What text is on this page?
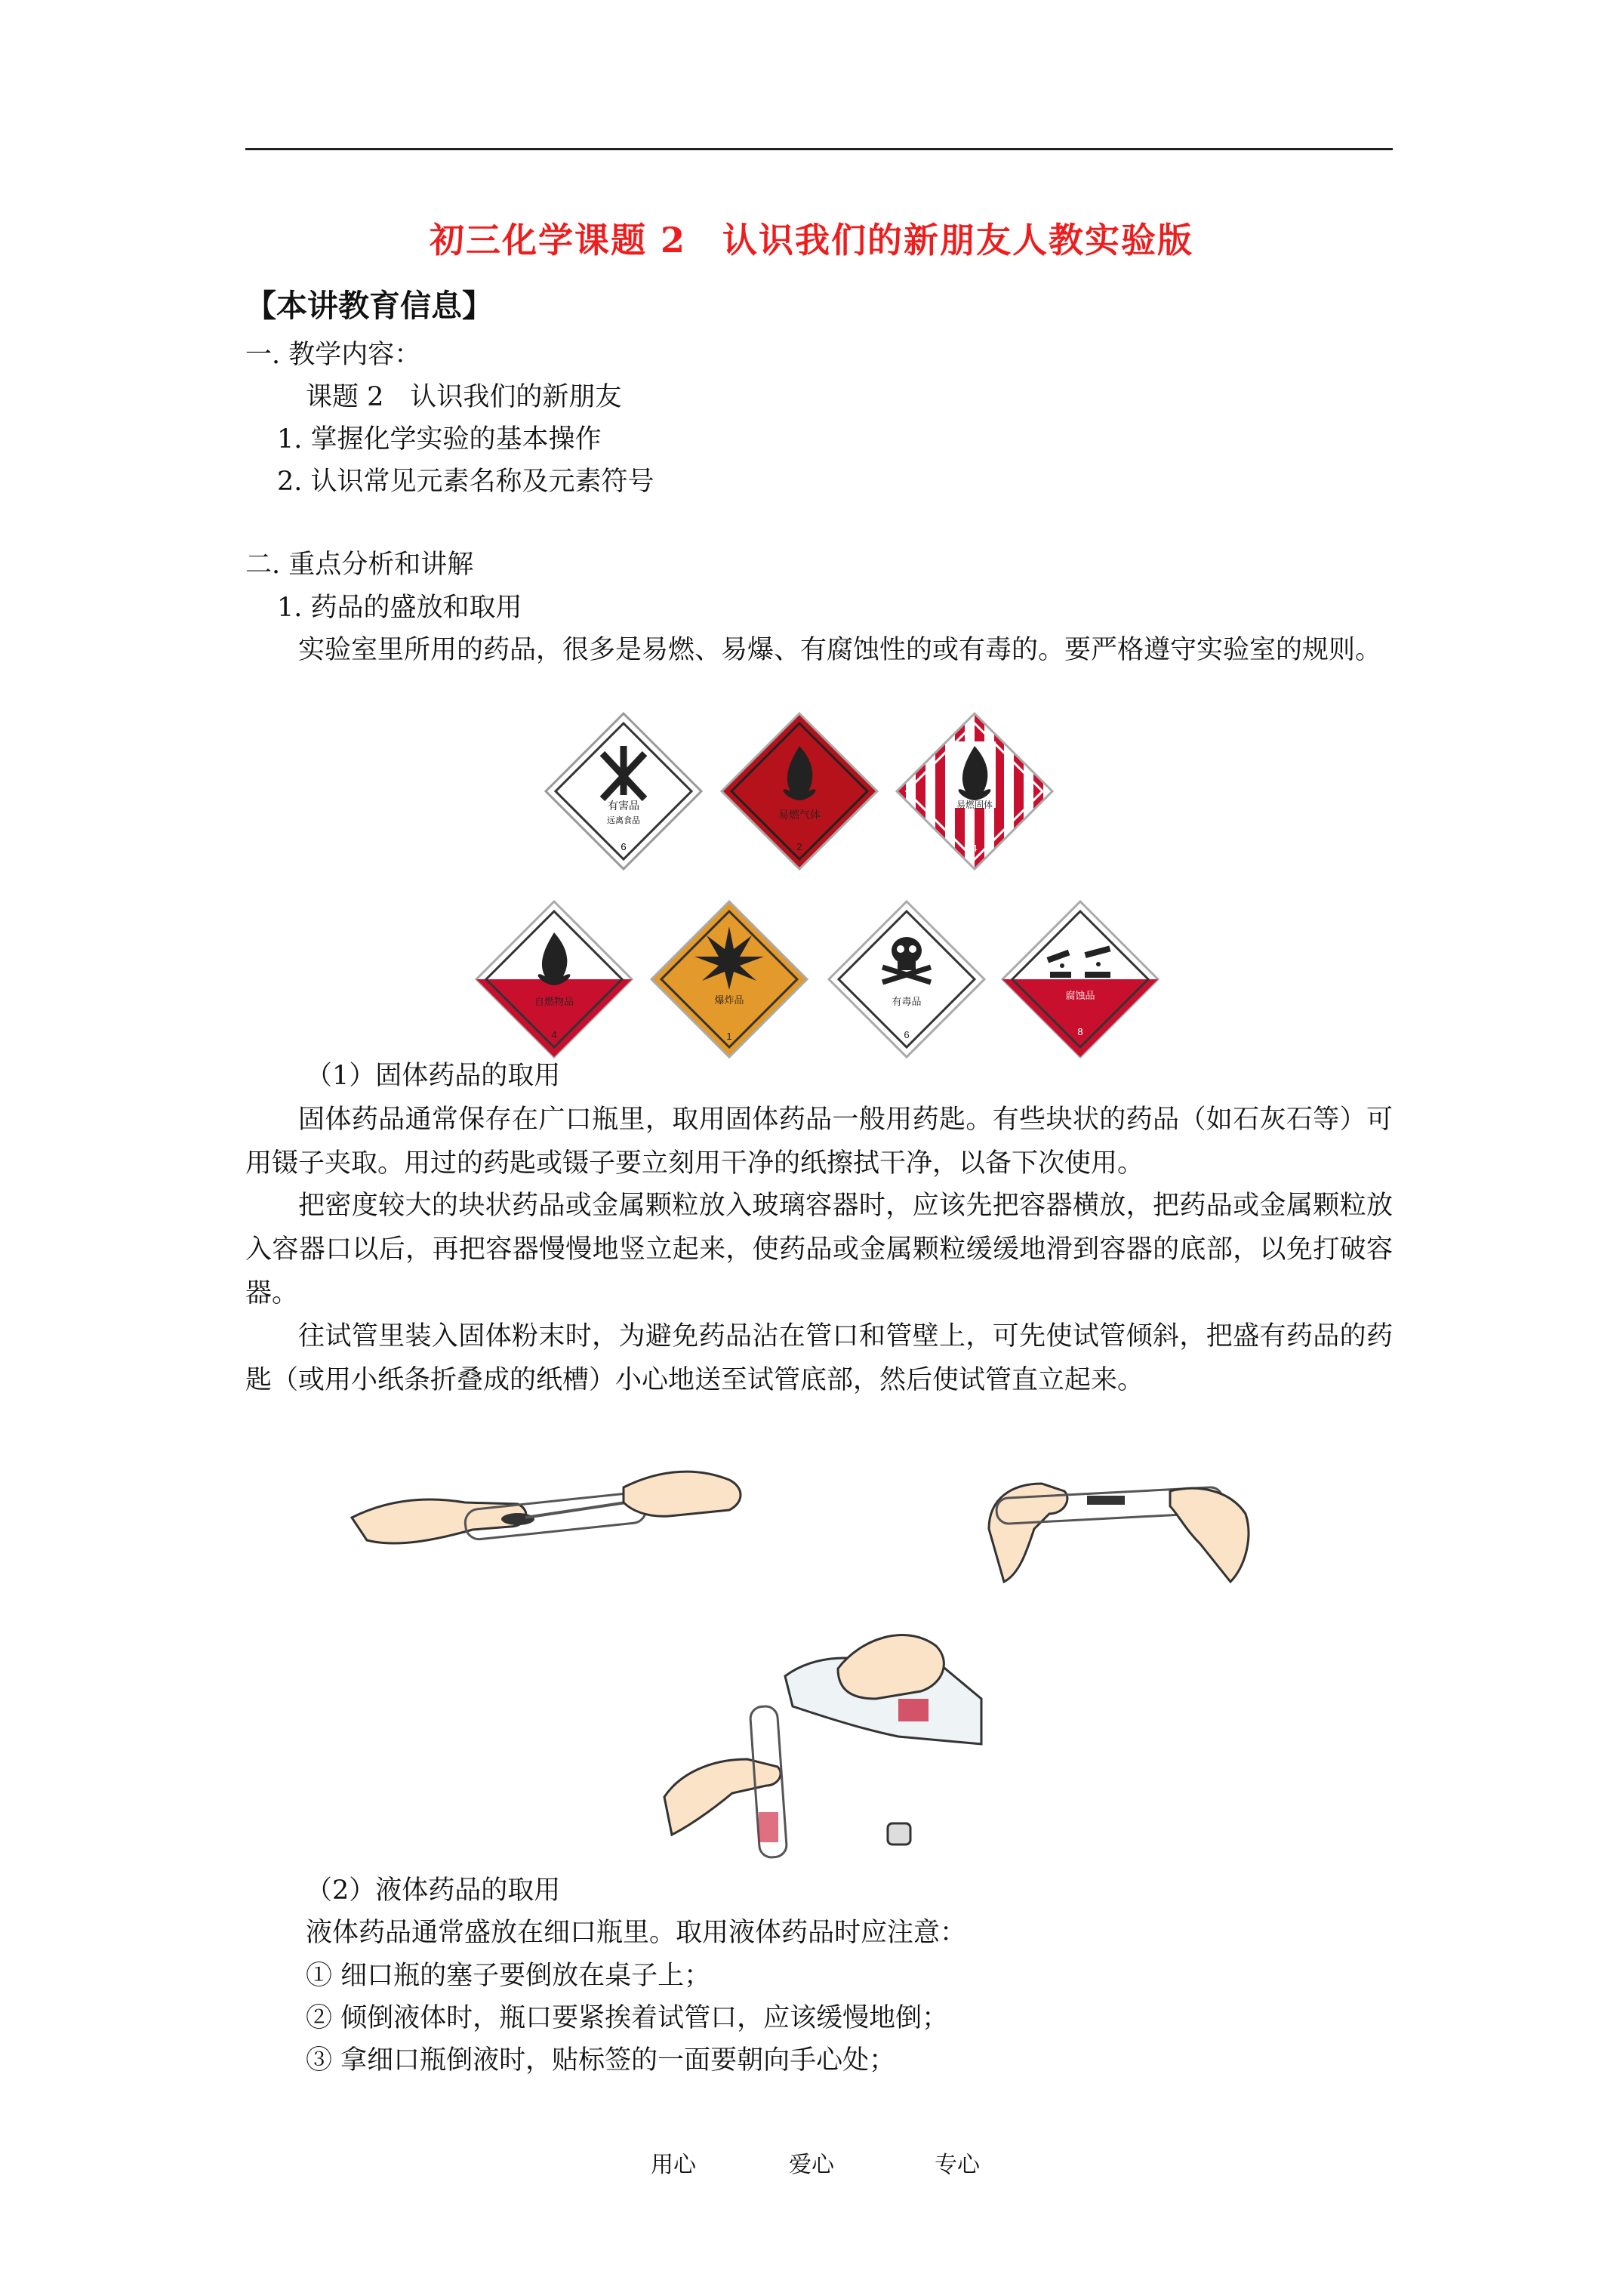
初三化学课题 2　认识我们的新朋友人教实验版
【本讲教育信息】
一. 教学内容：
课题 2　认识我们的新朋友
1. 掌握化学实验的基本操作
2. 认识常见元素名称及元素符号
二. 重点分析和讲解
1. 药品的盛放和取用
实验室里所用的药品，很多是易燃、易爆、有腐蚀性的或有毒的。要严格遵守实验室的规则。
有害品
远离食品
6
易燃气体
2
易燃固体
4
自燃物品
4
爆炸品
1
有毒品
6
腐蚀品
8
（1）固体药品的取用
固体药品通常保存在广口瓶里，取用固体药品一般用药匙。有些块状的药品（如石灰石等）可用镊子夹取。用过的药匙或镊子要立刻用干净的纸擦拭干净，以备下次使用。
把密度较大的块状药品或金属颗粒放入玻璃容器时，应该先把容器横放，把药品或金属颗粒放入容器口以后，再把容器慢慢地竖立起来，使药品或金属颗粒缓缓地滑到容器的底部，以免打破容器。
往试管里装入固体粉末时，为避免药品沾在管口和管壁上，可先使试管倾斜，把盛有药品的药匙（或用小纸条折叠成的纸槽）小心地送至试管底部，然后使试管直立起来。
（2）液体药品的取用
液体药品通常盛放在细口瓶里。取用液体药品时应注意：
① 细口瓶的塞子要倒放在桌子上；
② 倾倒液体时，瓶口要紧挨着试管口，应该缓慢地倒；
③ 拿细口瓶倒液时，贴标签的一面要朝向手心处；
用心	爱心	专心
